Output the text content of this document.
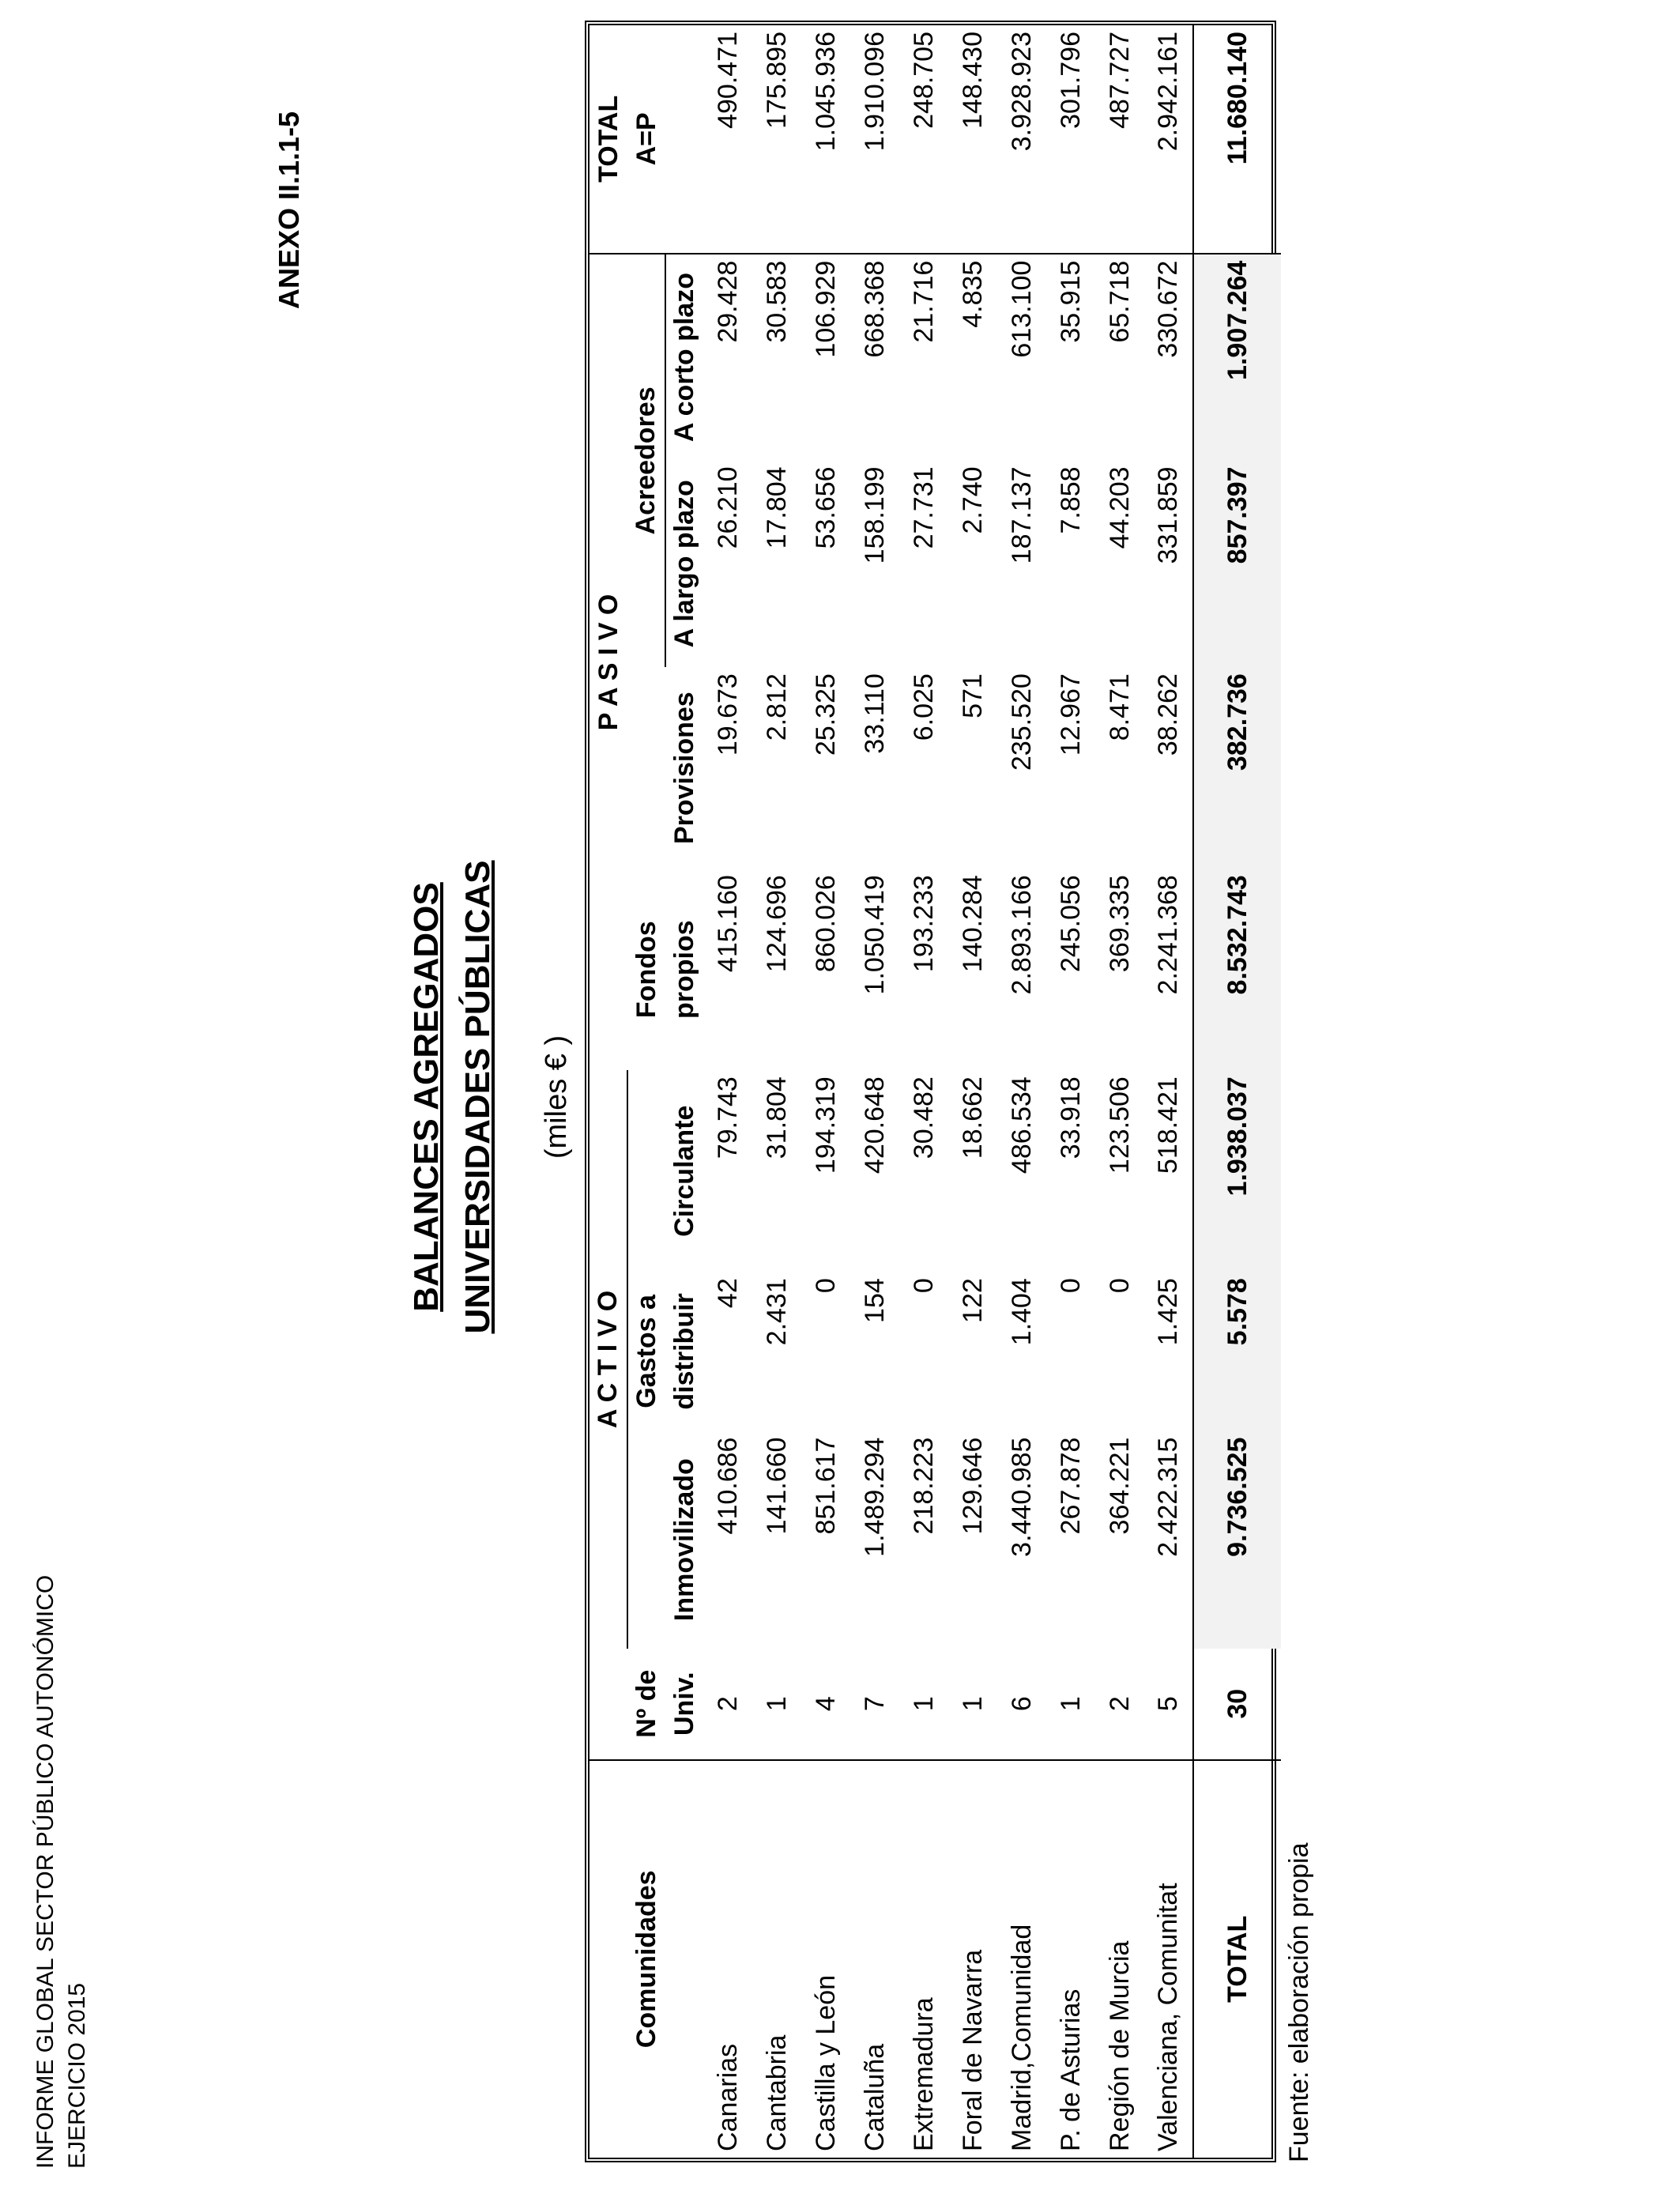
INFORME GLOBAL SECTOR PÚBLICO AUTONÓMICO EJERCICIO 2015
ANEXO II.1.1-5
BALANCES AGREGADOS UNIVERSIDADES PÚBLICAS (miles € )
Comunidades		A C T I V O			P A S I V O				TOTAL
	Nº de		Gastos a		Fondos		Acreedores		A=P
	Univ.	Inmovilizado	distribuir	Circulante	propios	Provisiones	A largo plazo	A corto plazo	
Canarias	2	410.686	42	79.743	415.160	19.673	26.210	29.428	490.471
Cantabria	1	141.660	2.431	31.804	124.696	2.812	17.804	30.583	175.895
Castilla y León	4	851.617	0	194.319	860.026	25.325	53.656	106.929	1.045.936
Cataluña	7	1.489.294	154	420.648	1.050.419	33.110	158.199	668.368	1.910.096
Extremadura	1	218.223	0	30.482	193.233	6.025	27.731	21.716	248.705
Foral de Navarra	1	129.646	122	18.662	140.284	571	2.740	4.835	148.430
Madrid,Comunidad	6	3.440.985	1.404	486.534	2.893.166	235.520	187.137	613.100	3.928.923
P. de Asturias	1	267.878	0	33.918	245.056	12.967	7.858	35.915	301.796
Región de Murcia	2	364.221	0	123.506	369.335	8.471	44.203	65.718	487.727
Valenciana, Comunitat	5	2.422.315	1.425	518.421	2.241.368	38.262	331.859	330.672	2.942.161
TOTAL	30	9.736.525	5.578	1.938.037	8.532.743	382.736	857.397	1.907.264	11.680.140
Fuente: elaboración propia
